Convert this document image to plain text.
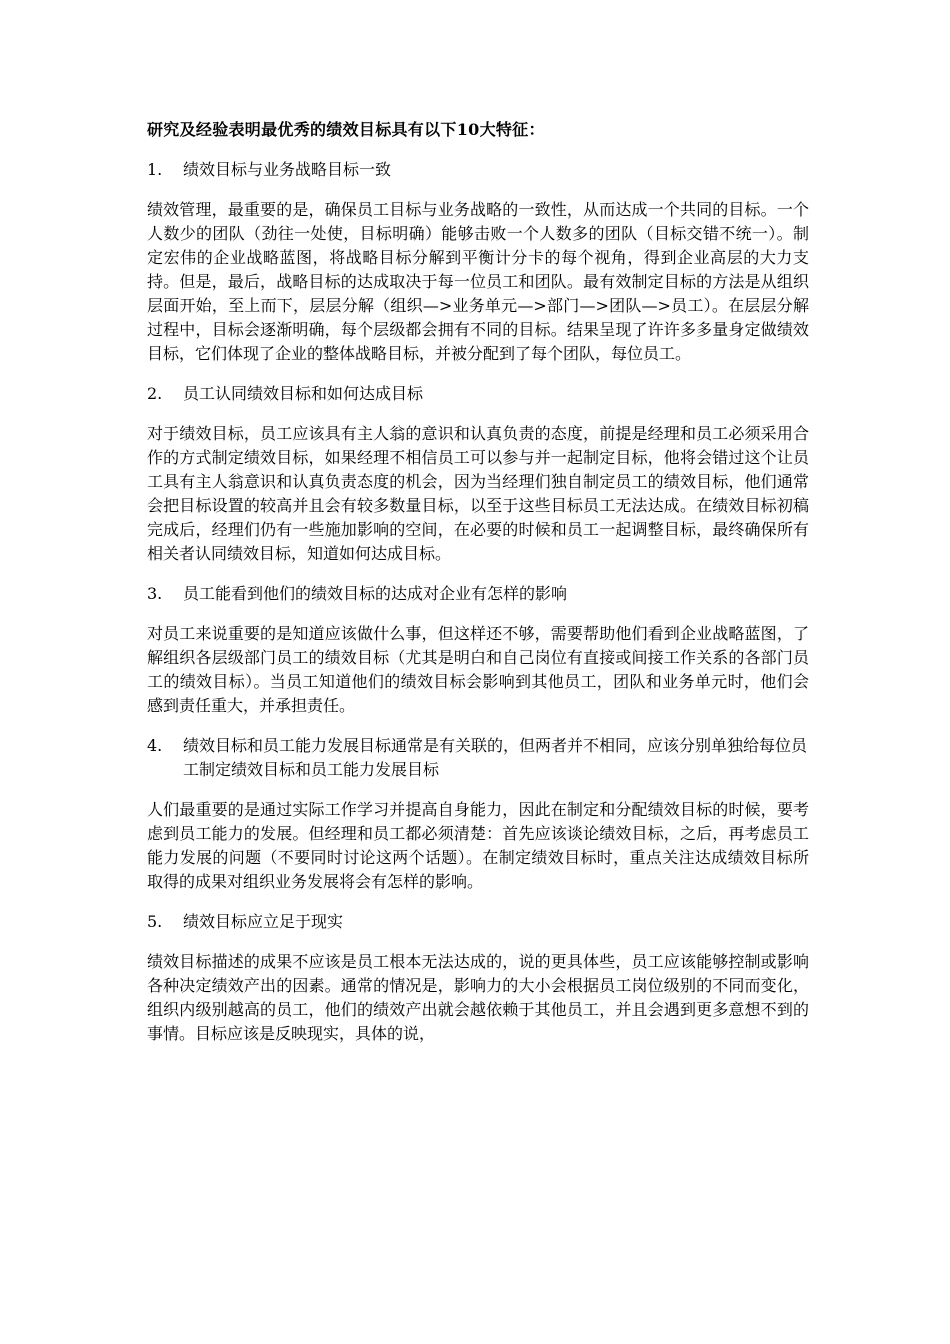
研究及经验表明最优秀的绩效目标具有以下10大特征：

1.	绩效目标与业务战略目标一致

绩效管理，最重要的是，确保员工目标与业务战略的一致性，从而达成一个共同的目标。一个人数少的团队（劲往一处使，目标明确）能够击败一个人数多的团队（目标交错不统一）。制定宏伟的企业战略蓝图，将战略目标分解到平衡计分卡的每个视角，得到企业高层的大力支持。但是，最后，战略目标的达成取决于每一位员工和团队。最有效制定目标的方法是从组织层面开始，至上而下，层层分解（组织—>业务单元—>部门—>团队—>员工）。在层层分解过程中，目标会逐渐明确，每个层级都会拥有不同的目标。结果呈现了许许多多量身定做绩效目标，它们体现了企业的整体战略目标，并被分配到了每个团队，每位员工。

2.	员工认同绩效目标和如何达成目标

对于绩效目标，员工应该具有主人翁的意识和认真负责的态度，前提是经理和员工必须采用合作的方式制定绩效目标，如果经理不相信员工可以参与并一起制定目标，他将会错过这个让员工具有主人翁意识和认真负责态度的机会，因为当经理们独自制定员工的绩效目标，他们通常会把目标设置的较高并且会有较多数量目标，以至于这些目标员工无法达成。在绩效目标初稿完成后，经理们仍有一些施加影响的空间，在必要的时候和员工一起调整目标，最终确保所有相关者认同绩效目标，知道如何达成目标。

3.	员工能看到他们的绩效目标的达成对企业有怎样的影响

对员工来说重要的是知道应该做什么事，但这样还不够，需要帮助他们看到企业战略蓝图，了解组织各层级部门员工的绩效目标（尤其是明白和自己岗位有直接或间接工作关系的各部门员工的绩效目标）。当员工知道他们的绩效目标会影响到其他员工，团队和业务单元时，他们会感到责任重大，并承担责任。

4.	绩效目标和员工能力发展目标通常是有关联的，但两者并不相同，应该分别单独给每位员工制定绩效目标和员工能力发展目标

人们最重要的是通过实际工作学习并提高自身能力，因此在制定和分配绩效目标的时候，要考虑到员工能力的发展。但经理和员工都必须清楚：首先应该谈论绩效目标，之后，再考虑员工能力发展的问题（不要同时讨论这两个话题）。在制定绩效目标时，重点关注达成绩效目标所取得的成果对组织业务发展将会有怎样的影响。

5.	绩效目标应立足于现实

绩效目标描述的成果不应该是员工根本无法达成的，说的更具体些，员工应该能够控制或影响各种决定绩效产出的因素。通常的情况是，影响力的大小会根据员工岗位级别的不同而变化，组织内级别越高的员工，他们的绩效产出就会越依赖于其他员工，并且会遇到更多意想不到的事情。目标应该是反映现实，具体的说，
